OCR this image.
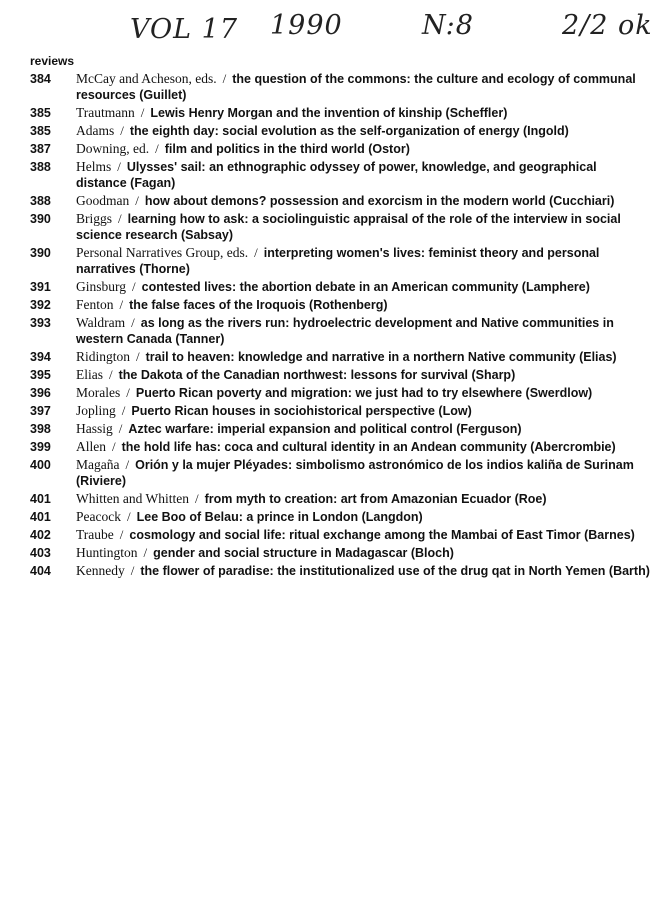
VOL 17 1990	N:8	2/2 ok
reviews
384	McCay and Acheson, eds. / the question of the commons: the culture and ecology of communal resources (Guillet)
385	Trautmann / Lewis Henry Morgan and the invention of kinship (Scheffler)
385	Adams / the eighth day: social evolution as the self-organization of energy (Ingold)
387	Downing, ed. / film and politics in the third world (Ostor)
388	Helms / Ulysses' sail: an ethnographic odyssey of power, knowledge, and geographical distance (Fagan)
388	Goodman / how about demons? possession and exorcism in the modern world (Cucchiari)
390	Briggs / learning how to ask: a sociolinguistic appraisal of the role of the interview in social science research (Sabsay)
390	Personal Narratives Group, eds. / interpreting women's lives: feminist theory and personal narratives (Thorne)
391	Ginsburg / contested lives: the abortion debate in an American community (Lamphere)
392	Fenton / the false faces of the Iroquois (Rothenberg)
393	Waldram / as long as the rivers run: hydroelectric development and Native communities in western Canada (Tanner)
394	Ridington / trail to heaven: knowledge and narrative in a northern Native community (Elias)
395	Elias / the Dakota of the Canadian northwest: lessons for survival (Sharp)
396	Morales / Puerto Rican poverty and migration: we just had to try elsewhere (Swerdlow)
397	Jopling / Puerto Rican houses in sociohistorical perspective (Low)
398	Hassig / Aztec warfare: imperial expansion and political control (Ferguson)
399	Allen / the hold life has: coca and cultural identity in an Andean community (Abercrombie)
400	Magaña / Orión y la mujer Pléyades: simbolismo astronómico de los indios kaliña de Surinam (Riviere)
401	Whitten and Whitten / from myth to creation: art from Amazonian Ecuador (Roe)
401	Peacock / Lee Boo of Belau: a prince in London (Langdon)
402	Traube / cosmology and social life: ritual exchange among the Mambai of East Timor (Barnes)
403	Huntington / gender and social structure in Madagascar (Bloch)
404	Kennedy / the flower of paradise: the institutionalized use of the drug qat in North Yemen (Barth)
